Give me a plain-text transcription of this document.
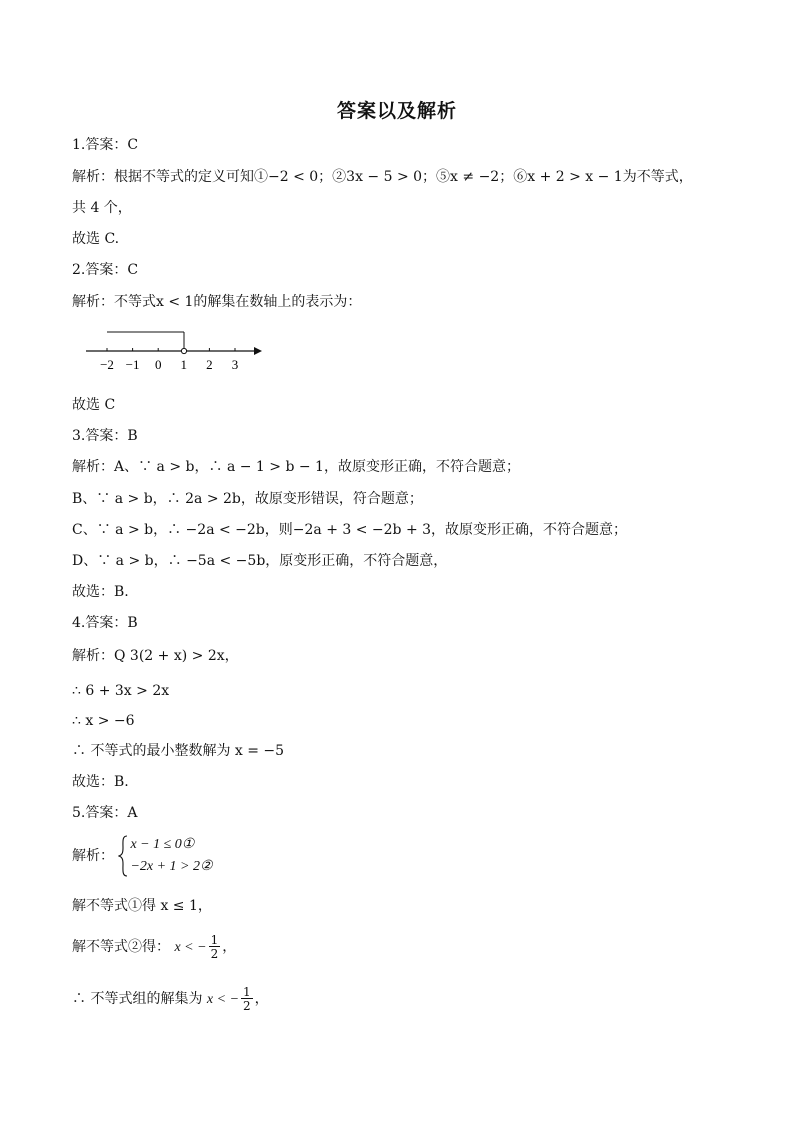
答案以及解析
1.答案：C
解析：根据不等式的定义可知①−2 < 0；②3x − 5 > 0；⑤x ≠ −2；⑥x + 2 > x − 1为不等式，
共 4 个，
故选 C.
2.答案：C
解析：不等式x < 1的解集在数轴上的表示为：
−2 −1 0 1 2 3
故选 C
3.答案：B
解析：A、∵ a > b，∴ a − 1 > b − 1，故原变形正确，不符合题意；
B、∵ a > b，∴ 2a > 2b，故原变形错误，符合题意；
C、∵ a > b，∴ −2a < −2b，则−2a + 3 < −2b + 3，故原变形正确，不符合题意；
D、∵ a > b，∴ −5a < −5b，原变形正确，不符合题意，
故选：B.
4.答案：B
解析：Q 3(2 + x) > 2x，
∴ 6 + 3x > 2x
∴ x > −6
∴ 不等式的最小整数解为 x = −5
故选：B.
5.答案：A
解析：
x − 1 ≤ 0①
−2x + 1 > 2②
解不等式①得 x ≤ 1，
解不等式②得： x < − $\frac{1}{2}$ ，
∴ 不等式组的解集为 x < − $\frac{1}{2}$ ，
